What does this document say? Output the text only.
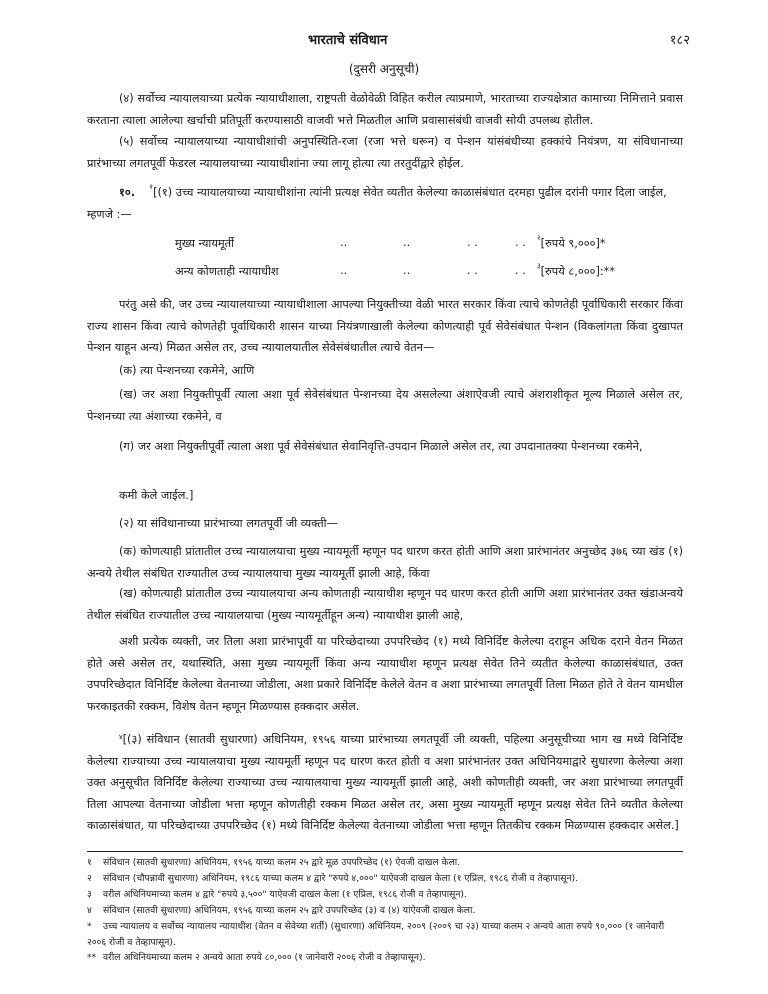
भारताचे संविधान	१८२
(दुसरी अनुसूची)
(४) सर्वोच्च न्यायालयाच्या प्रत्येक न्यायाधीशाला, राष्ट्रपती वेळोवेळी विहित करील त्याप्रमाणे, भारताच्या राज्यक्षेत्रात कामाच्या निमित्ताने प्रवास करताना त्याला आलेल्या खर्चाची प्रतिपूर्ती करण्यासाठी वाजवी भत्ते मिळतील आणि प्रवासासंबंधी वाजवी सोयी उपलब्ध होतील.
(५) सर्वोच्च न्यायालयाच्या न्यायाधीशांची अनुपस्थिति-रजा (रजा भत्ते धरून) व पेन्शन यांसंबंधीच्या हक्कांचे नियंत्रण, या संविधानाच्या प्रारंभाच्या लगतपूर्वी फेडरल न्यायालयाच्या न्यायाधीशांना ज्या लागू होत्या त्या तरतुदींद्वारे होईल.
१०. $^१$[(१) उच्च न्यायालयाच्या न्यायाधीशांना त्यांनी प्रत्यक्ष सेवेत व्यतीत केलेल्या काळासंबंधात दरमहा पुढील दरांनी पगार दिला जाईल,
म्हणजे :—
मुख्य न्यायमूर्ती	..	..	. .	. . $^२$[रुपये ९,०००]*
अन्य कोणताही न्यायाधीश	..	..	. .	. . $^३$[रुपये ८,०००]:**
परंतु असे की, जर उच्च न्यायालयाच्या न्यायाधीशाला आपल्या नियुक्तीच्या वेळी भारत सरकार किंवा त्याचे कोणतेही पूर्वाधिकारी सरकार किंवा राज्य शासन किंवा त्याचे कोणतेही पूर्वाधिकारी शासन याच्या नियंत्रणाखाली केलेल्या कोणत्याही पूर्व सेवेसंबंधात पेन्शन (विकलांगता किंवा दुखापत पेन्शन याहून अन्य) मिळत असेल तर, उच्च न्यायालयातील सेवेसंबंधातील त्याचे वेतन—
(क) त्या पेन्शनच्या रकमेने, आणि
(ख) जर अशा नियुक्तीपूर्वी त्याला अशा पूर्व सेवेसंबंधात पेन्शनच्या देय असलेल्या अंशाऐवजी त्याचे अंशराशीकृत मूल्य मिळाले असेल तर, पेन्शनच्या त्या अंशाच्या रकमेने, व
(ग) जर अशा नियुक्तीपूर्वी त्याला अशा पूर्व सेवेसंबंधात सेवानिवृत्ति-उपदान मिळाले असेल तर, त्या उपदानातक्या पेन्शनच्या रकमेने,
कमी केले जाईल.]
(२) या संविधानाच्या प्रारंभाच्या लगतपूर्वी जी व्यक्ती—
(क) कोणत्याही प्रांतातील उच्च न्यायालयाचा मुख्य न्यायमूर्ती म्हणून पद धारण करत होती आणि अशा प्रारंभानंतर अनुच्छेद ३७६ च्या खंड (१) अन्वये तेथील संबंधित राज्यातील उच्च न्यायालयाचा मुख्य न्यायमूर्ती झाली आहे, किंवा
(ख) कोणत्याही प्रांतातील उच्च न्यायालयाचा अन्य कोणताही न्यायाधीश म्हणून पद धारण करत होती आणि अशा प्रारंभानंतर उक्त खंडाअन्वये तेथील संबंधित राज्यातील उच्च न्यायालयाचा (मुख्य न्यायमूर्तीहून अन्य) न्यायाधीश झाली आहे,
अशी प्रत्येक व्यक्ती, जर तिला अशा प्रारंभापूर्वी या परिच्छेदाच्या उपपरिच्छेद (१) मध्ये विनिर्दिष्ट केलेल्या दराहून अधिक दराने वेतन मिळत होते असे असेल तर, यथास्थिति, असा मुख्य न्यायमूर्ती किंवा अन्य न्यायाधीश म्हणून प्रत्यक्ष सेवेत तिने व्यतीत केलेल्या काळासंबंधात, उक्त उपपरिच्छेदात विनिर्दिष्ट केलेल्या वेतनाच्या जोडीला, अशा प्रकारे विनिर्दिष्ट केलेले वेतन व अशा प्रारंभाच्या लगतपूर्वी तिला मिळत होते ते वेतन यामधील फरकाइतकी रक्कम, विशेष वेतन म्हणून मिळण्यास हक्कदार असेल.
$^४$[(३) संविधान (सातवी सुधारणा) अधिनियम, १९५६ याच्या प्रारंभाच्या लगतपूर्वी जी व्यक्ती, पहिल्या अनुसूचीच्या भाग ख मध्ये विनिर्दिष्ट केलेल्या राज्याच्या उच्च न्यायालयाचा मुख्य न्यायमूर्ती म्हणून पद धारण करत होती व अशा प्रारंभानंतर उक्त अधिनियमाद्वारे सुधारणा केलेल्या अशा उक्त अनुसूचीत विनिर्दिष्ट केलेल्या राज्याच्या उच्च न्यायालयाचा मुख्य न्यायमूर्ती झाली आहे, अशी कोणतीही व्यक्ती, जर अशा प्रारंभाच्या लगतपूर्वी तिला आपल्या वेतनाच्या जोडीला भत्ता म्हणून कोणतीही रक्कम मिळत असेल तर, असा मुख्य न्यायमूर्ती म्हणून प्रत्यक्ष सेवेत तिने व्यतीत केलेल्या काळासंबंधात, या परिच्छेदाच्या उपपरिच्छेद (१) मध्ये विनिर्दिष्ट केलेल्या वेतनाच्या जोडीला भत्ता म्हणून तितकीच रक्कम मिळण्यास हक्कदार असेल.]
१ संविधान (सातवी सुधारणा) अधिनियम, १९५६ याच्या कलम २५ द्वारे मूळ उपपरिच्छेद (१) ऐवजी दाखल केला.
२ संविधान (चौपन्नावी सुधारणा) अधिनियम, १९८६ याच्या कलम ४ द्वारे "रुपये ४,०००" याऐवजी दाखल केला (१ एप्रिल, १९८६ रोजी व तेव्हापासून).
३ वरील अधिनियमाच्या कलम ४ द्वारे "रुपये ३,५००" याऐवजी दाखल केला (१ एप्रिल, १९८६ रोजी व तेव्हापासून).
४ संविधान (सातवी सुधारणा) अधिनियम, १९५६ याच्या कलम २५ द्वारे उपपरिच्छेद (३) व (४) यांऐवजी दाखल केला.
* उच्च न्यायालय व सर्वोच्च न्यायालय न्यायाधीश (वेतन व सेवेच्या शर्ती) (सुधारणा) अधिनियम, २००९ (२००९ चा २३) याच्या कलम २ अन्वये आता रुपये ९०,००० (१ जानेवारी २००६ रोजी व तेव्हापासून).
** वरील अधिनियमाच्या कलम २ अन्वये आता रुपये ८०,००० (१ जानेवारी २००६ रोजी व तेव्हापासून).
